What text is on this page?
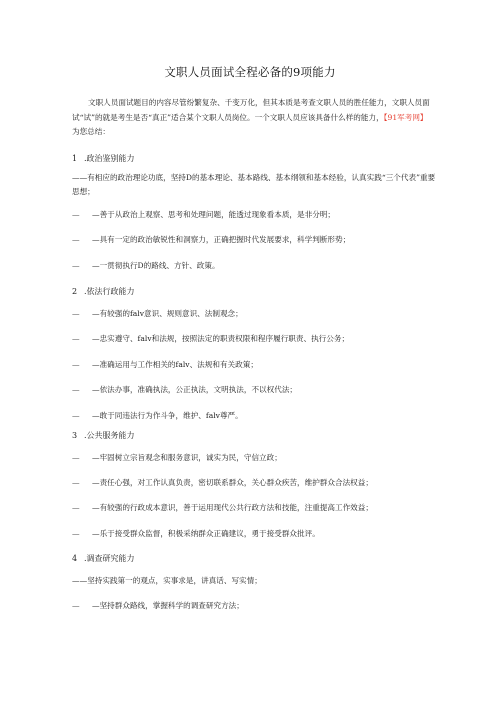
文职人员面试全程必备的9项能力
文职人员面试题目的内容尽管纷繁复杂、千变万化，但其本质是考查文职人员的胜任能力，文职人员面试“试”的就是考生是否“真正”适合某个文职人员岗位。一个文职人员应该具备什么样的能力，【91军考网】为您总结：
1 .政治鉴别能力
——有相应的政治理论功底，坚持D的基本理论、基本路线、基本纲领和基本经验，认真实践“三个代表”重要思想；
— —善于从政治上观察、思考和处理问题，能透过现象看本质，是非分明；
— —具有一定的政治敏锐性和洞察力，正确把握时代发展要求，科学判断形势；
— —一贯彻执行D的路线、方针、政策。
2 .依法行政能力
— —有较强的falv意识、规则意识、法制观念；
— —忠实遵守、falv和法规，按照法定的职责权限和程序履行职责、执行公务；
— —准确运用与工作相关的falv、法规和有关政策；
— —依法办事，准确执法，公正执法，文明执法，不以权代法；
— —敢于同违法行为作斗争，维护、falv尊严。
3 .公共服务能力
— —牢固树立宗旨观念和服务意识，诚实为民，守信立政；
— —责任心强，对工作认真负责，密切联系群众，关心群众疾苦，维护群众合法权益；
— —有较强的行政成本意识，善于运用现代公共行政方法和技能，注重提高工作效益；
— —乐于接受群众监督，积极采纳群众正确建议，勇于接受群众批评。
4 .调查研究能力
——坚持实践第一的观点，实事求是，讲真话、写实情；
— —坚持群众路线，掌握科学的调查研究方法；
